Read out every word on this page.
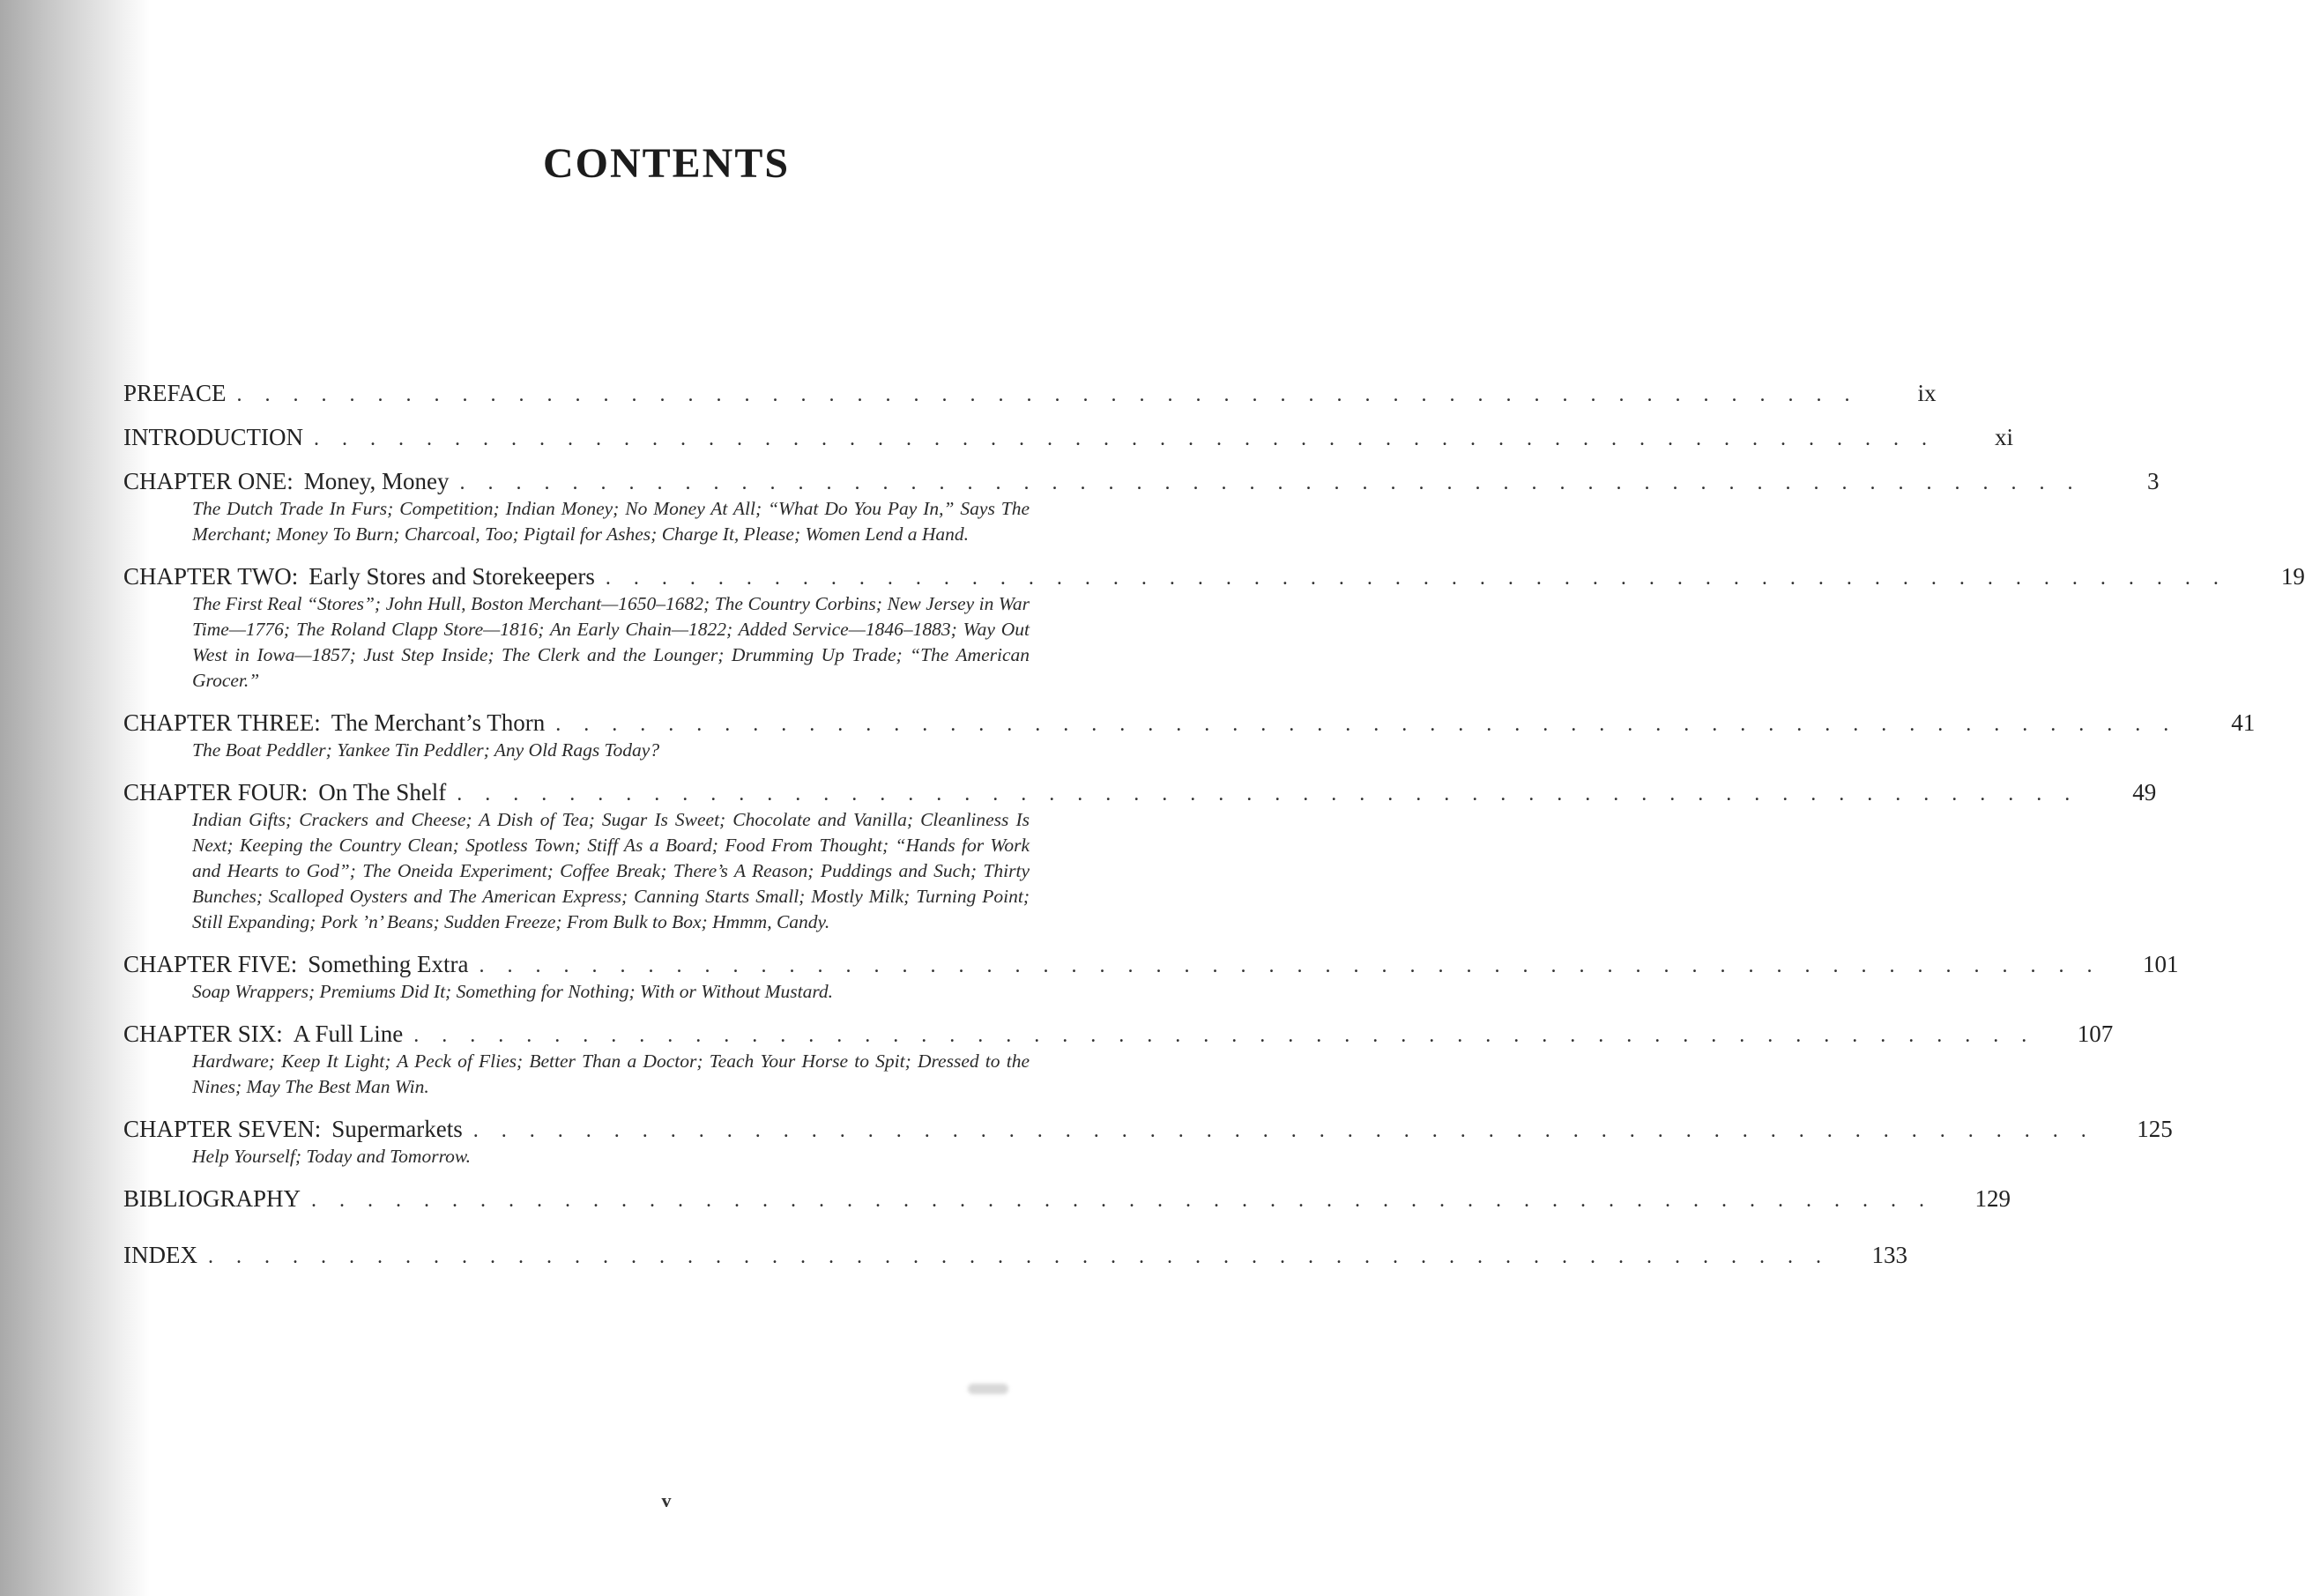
CONTENTS
PREFACE . . . . . . . . . . . . . . . . . . . . . . . . . . . . . . . . . . . . . . . . . . . . . . . . . . . . . . . . . .	ix
INTRODUCTION . . . . . . . . . . . . . . . . . . . . . . . . . . . . . . . . . . . . . . . . . . . . . . . . . . . . . . . . . .	xi
CHAPTER ONE: Money, Money . . . . . . . . . . . . . . . . . . . . . . . . . . . . . . . . . . . . . . . . . . . . . . . . . . . . . . . . . .	3

The Dutch Trade In Furs; Competition; Indian Money; No Money At All; “What Do You Pay In,” Says The Merchant; Money To Burn; Charcoal, Too; Pigtail for Ashes; Charge It, Please; Women Lend a Hand.

CHAPTER TWO: Early Stores and Storekeepers . . . . . . . . . . . . . . . . . . . . . . . . . . . . . . . . . . . . . . . . . . . . . . . . . . . . . . . . . .	19

The First Real “Stores”; John Hull, Boston Merchant—1650–1682; The Country Corbins; New Jersey in War Time—1776; The Roland Clapp Store—1816; An Early Chain—1822; Added Service—1846–1883; Way Out West in Iowa—1857; Just Step Inside; The Clerk and the Lounger; Drumming Up Trade; “The American Grocer.”

CHAPTER THREE: The Merchant’s Thorn . . . . . . . . . . . . . . . . . . . . . . . . . . . . . . . . . . . . . . . . . . . . . . . . . . . . . . . . . .	41

The Boat Peddler; Yankee Tin Peddler; Any Old Rags Today?

CHAPTER FOUR: On The Shelf . . . . . . . . . . . . . . . . . . . . . . . . . . . . . . . . . . . . . . . . . . . . . . . . . . . . . . . . . .	49

Indian Gifts; Crackers and Cheese; A Dish of Tea; Sugar Is Sweet; Chocolate and Vanilla; Cleanliness Is Next; Keeping the Country Clean; Spotless Town; Stiff As a Board; Food From Thought; “Hands for Work and Hearts to God”; The Oneida Experiment; Coffee Break; There’s A Reason; Puddings and Such; Thirty Bunches; Scalloped Oysters and The American Express; Canning Starts Small; Mostly Milk; Turning Point; Still Expanding; Pork ’n’ Beans; Sudden Freeze; From Bulk to Box; Hmmm, Candy.

CHAPTER FIVE: Something Extra . . . . . . . . . . . . . . . . . . . . . . . . . . . . . . . . . . . . . . . . . . . . . . . . . . . . . . . . . .	101

Soap Wrappers; Premiums Did It; Something for Nothing; With or Without Mustard.

CHAPTER SIX: A Full Line . . . . . . . . . . . . . . . . . . . . . . . . . . . . . . . . . . . . . . . . . . . . . . . . . . . . . . . . . .	107

Hardware; Keep It Light; A Peck of Flies; Better Than a Doctor; Teach Your Horse to Spit; Dressed to the Nines; May The Best Man Win.

CHAPTER SEVEN: Supermarkets . . . . . . . . . . . . . . . . . . . . . . . . . . . . . . . . . . . . . . . . . . . . . . . . . . . . . . . . . .	125

Help Yourself; Today and Tomorrow.

BIBLIOGRAPHY . . . . . . . . . . . . . . . . . . . . . . . . . . . . . . . . . . . . . . . . . . . . . . . . . . . . . . . . . .	129
INDEX . . . . . . . . . . . . . . . . . . . . . . . . . . . . . . . . . . . . . . . . . . . . . . . . . . . . . . . . . .	133
v
